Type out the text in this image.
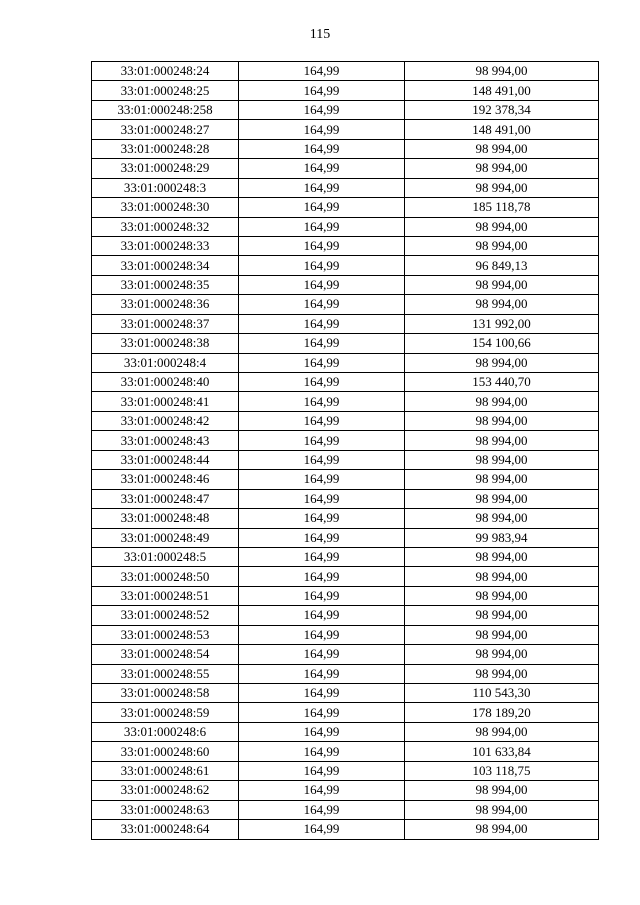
115
33:01:000248:24	164,99	98 994,00
33:01:000248:25	164,99	148 491,00
33:01:000248:258	164,99	192 378,34
33:01:000248:27	164,99	148 491,00
33:01:000248:28	164,99	98 994,00
33:01:000248:29	164,99	98 994,00
33:01:000248:3	164,99	98 994,00
33:01:000248:30	164,99	185 118,78
33:01:000248:32	164,99	98 994,00
33:01:000248:33	164,99	98 994,00
33:01:000248:34	164,99	96 849,13
33:01:000248:35	164,99	98 994,00
33:01:000248:36	164,99	98 994,00
33:01:000248:37	164,99	131 992,00
33:01:000248:38	164,99	154 100,66
33:01:000248:4	164,99	98 994,00
33:01:000248:40	164,99	153 440,70
33:01:000248:41	164,99	98 994,00
33:01:000248:42	164,99	98 994,00
33:01:000248:43	164,99	98 994,00
33:01:000248:44	164,99	98 994,00
33:01:000248:46	164,99	98 994,00
33:01:000248:47	164,99	98 994,00
33:01:000248:48	164,99	98 994,00
33:01:000248:49	164,99	99 983,94
33:01:000248:5	164,99	98 994,00
33:01:000248:50	164,99	98 994,00
33:01:000248:51	164,99	98 994,00
33:01:000248:52	164,99	98 994,00
33:01:000248:53	164,99	98 994,00
33:01:000248:54	164,99	98 994,00
33:01:000248:55	164,99	98 994,00
33:01:000248:58	164,99	110 543,30
33:01:000248:59	164,99	178 189,20
33:01:000248:6	164,99	98 994,00
33:01:000248:60	164,99	101 633,84
33:01:000248:61	164,99	103 118,75
33:01:000248:62	164,99	98 994,00
33:01:000248:63	164,99	98 994,00
33:01:000248:64	164,99	98 994,00
